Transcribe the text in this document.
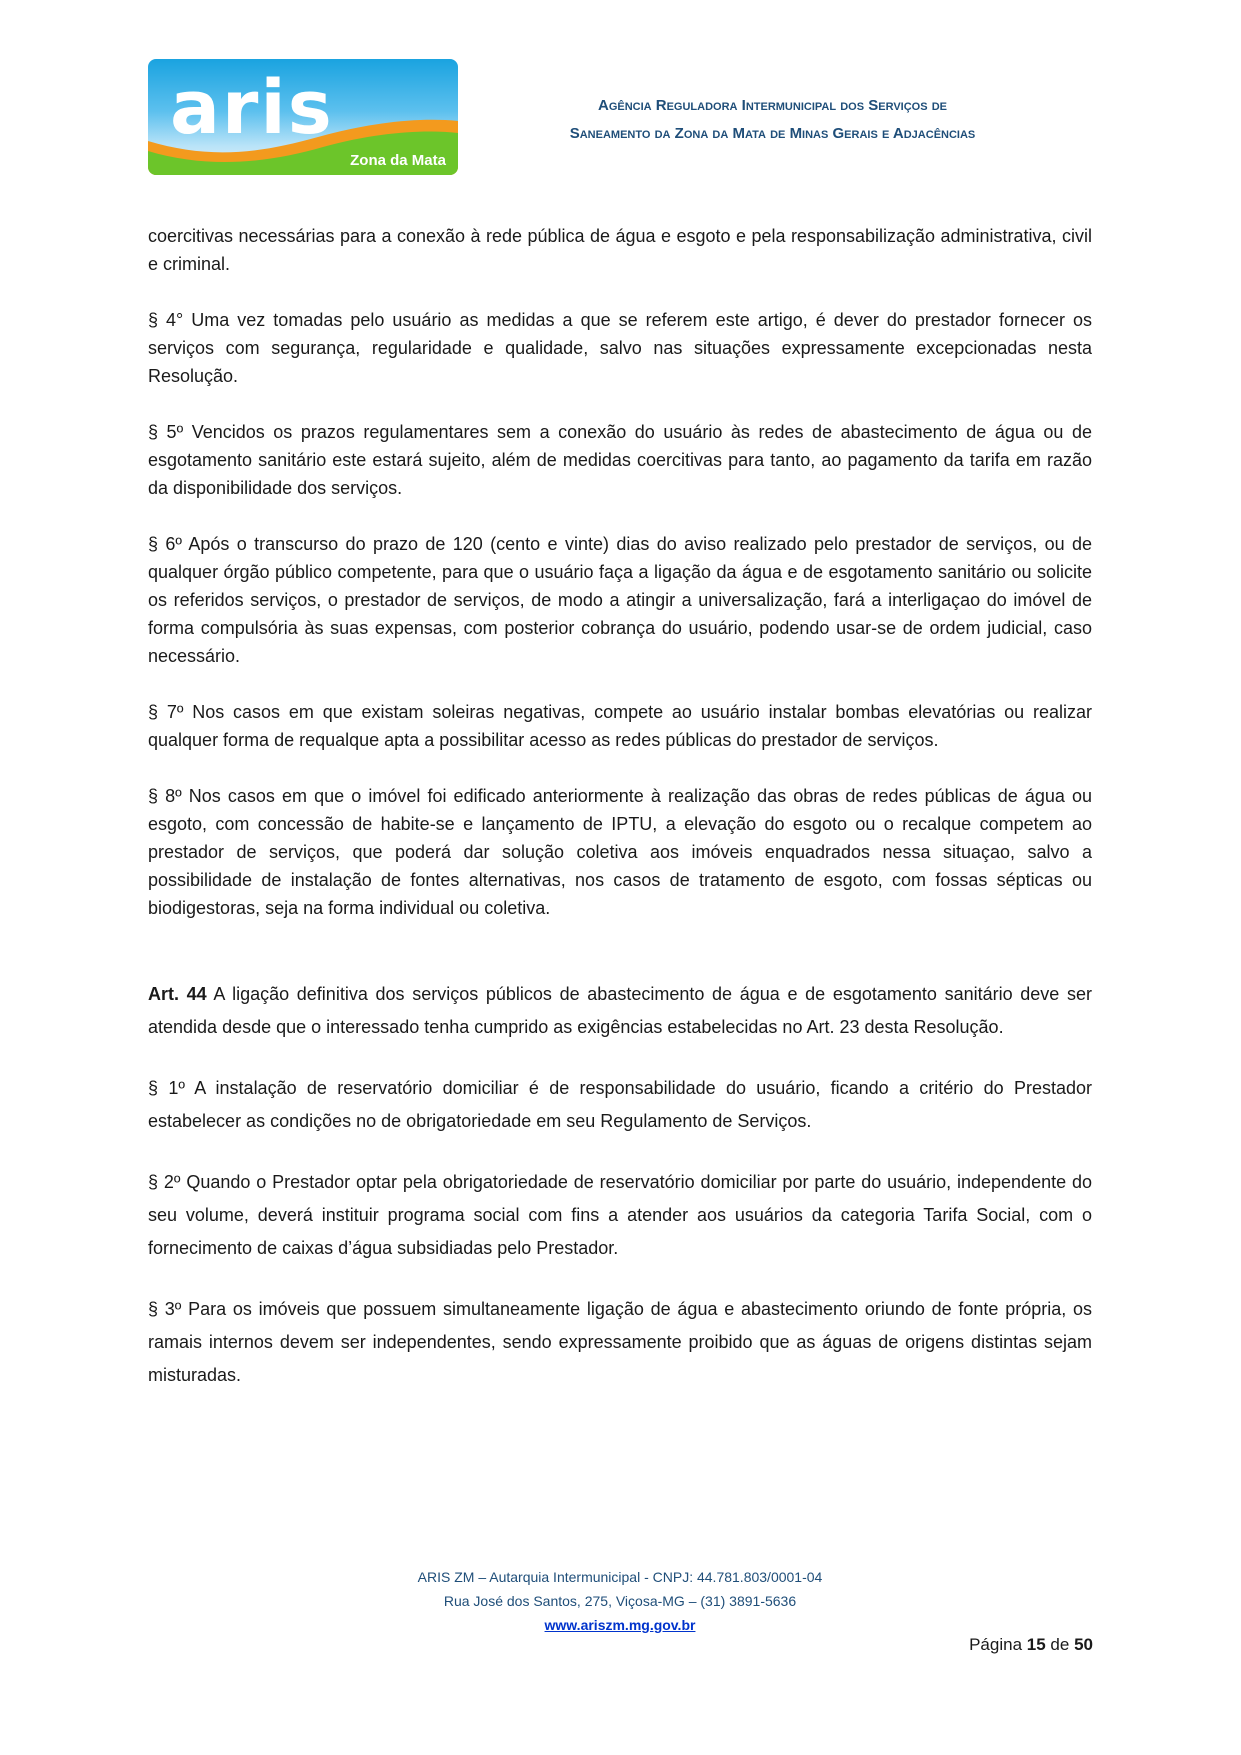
aris
Zona da Mata
Agência Reguladora Intermunicipal dos Serviços de
Saneamento da Zona da Mata de Minas Gerais e Adjacências

coercitivas necessárias para a conexão à rede pública de água e esgoto e pela responsabilização administrativa, civil e criminal.

§ 4° Uma vez tomadas pelo usuário as medidas a que se referem este artigo, é dever do prestador fornecer os serviços com segurança, regularidade e qualidade, salvo nas situações expressamente excepcionadas nesta Resolução.

§ 5º Vencidos os prazos regulamentares sem a conexão do usuário às redes de abastecimento de água ou de esgotamento sanitário este estará sujeito, além de medidas coercitivas para tanto, ao pagamento da tarifa em razão da disponibilidade dos serviços.

§ 6º Após o transcurso do prazo de 120 (cento e vinte) dias do aviso realizado pelo prestador de serviços, ou de qualquer órgão público competente, para que o usuário faça a ligação da água e de esgotamento sanitário ou solicite os referidos serviços, o prestador de serviços, de modo a atingir a universalização, fará a interligaçao do imóvel de forma compulsória às suas expensas, com posterior cobrança do usuário, podendo usar-se de ordem judicial, caso necessário.

§ 7º Nos casos em que existam soleiras negativas, compete ao usuário instalar bombas elevatórias ou realizar qualquer forma de requalque apta a possibilitar acesso as redes públicas do prestador de serviços.

§ 8º Nos casos em que o imóvel foi edificado anteriormente à realização das obras de redes públicas de água ou esgoto, com concessão de habite-se e lançamento de IPTU, a elevação do esgoto ou o recalque competem ao prestador de serviços, que poderá dar solução coletiva aos imóveis enquadrados nessa situaçao, salvo a possibilidade de instalação de fontes alternativas, nos casos de tratamento de esgoto, com fossas sépticas ou biodigestoras, seja na forma individual ou coletiva.

Art. 44 A ligação definitiva dos serviços públicos de abastecimento de água e de esgotamento sanitário deve ser atendida desde que o interessado tenha cumprido as exigências estabelecidas no Art. 23 desta Resolução.

§ 1º A instalação de reservatório domiciliar é de responsabilidade do usuário, ficando a critério do Prestador estabelecer as condições no de obrigatoriedade em seu Regulamento de Serviços.

§ 2º Quando o Prestador optar pela obrigatoriedade de reservatório domiciliar por parte do usuário, independente do seu volume, deverá instituir programa social com fins a atender aos usuários da categoria Tarifa Social, com o fornecimento de caixas d’água subsidiadas pelo Prestador.

§ 3º Para os imóveis que possuem simultaneamente ligação de água e abastecimento oriundo de fonte própria, os ramais internos devem ser independentes, sendo expressamente proibido que as águas de origens distintas sejam misturadas.

ARIS ZM – Autarquia Intermunicipal - CNPJ: 44.781.803/0001-04
Rua José dos Santos, 275, Viçosa-MG – (31) 3891-5636
www.ariszm.mg.gov.br
Página 15 de 50
